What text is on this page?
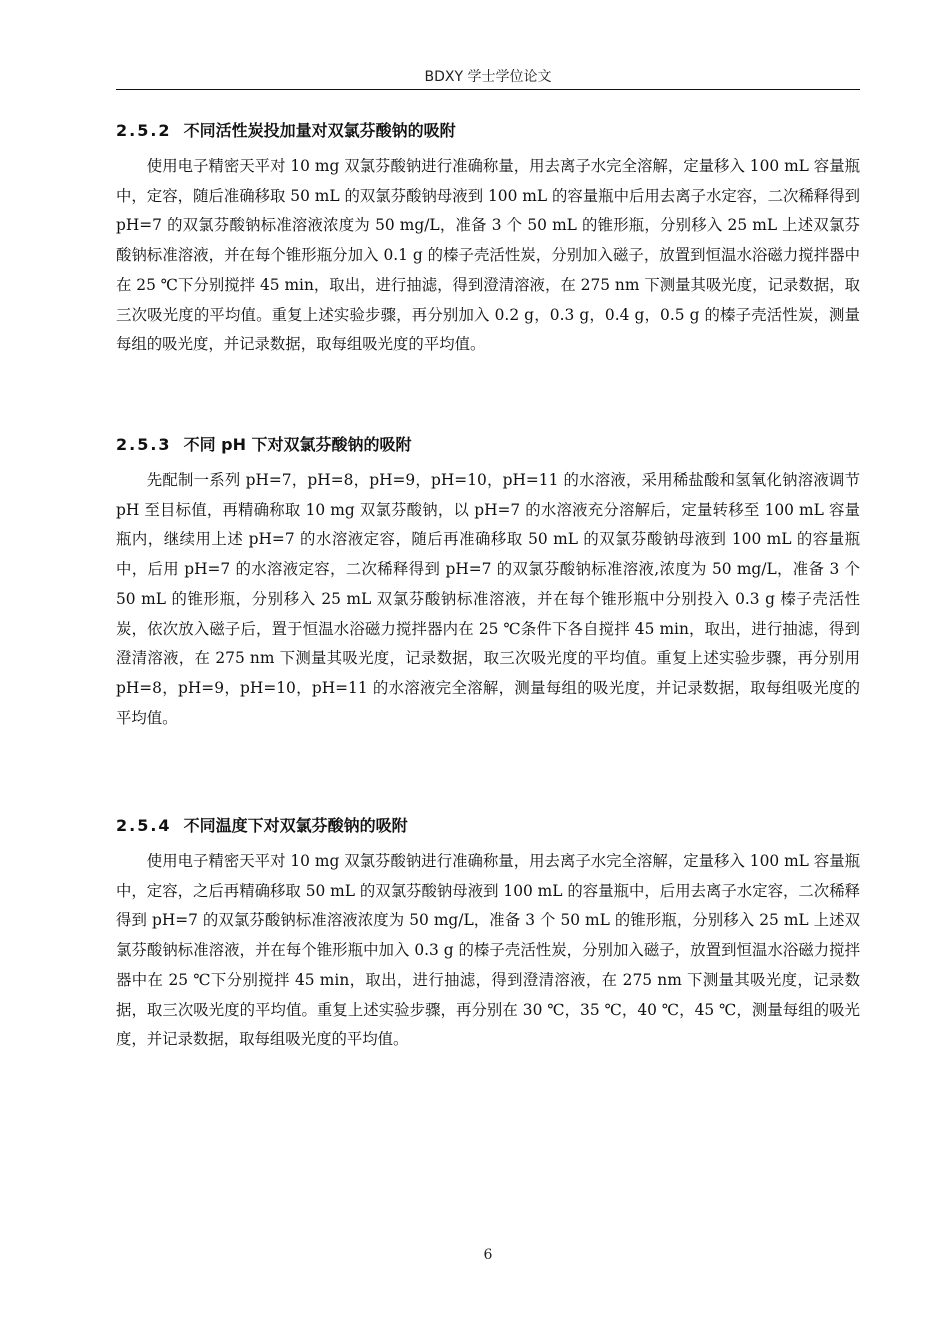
BDXY 学士学位论文
2.5.2 不同活性炭投加量对双氯芬酸钠的吸附

使用电子精密天平对 10 mg 双氯芬酸钠进行准确称量，用去离子水完全溶解，定量移入 100 mL 容量瓶中，定容，随后准确移取 50 mL 的双氯芬酸钠母液到 100 mL 的容量瓶中后用去离子水定容，二次稀释得到 pH=7 的双氯芬酸钠标准溶液浓度为 50 mg/L，准备 3 个 50 mL 的锥形瓶，分别移入 25 mL 上述双氯芬酸钠标准溶液，并在每个锥形瓶分加入 0.1 g 的榛子壳活性炭，分别加入磁子，放置到恒温水浴磁力搅拌器中在 25 ℃下分别搅拌 45 min，取出，进行抽滤，得到澄清溶液，在 275 nm 下测量其吸光度，记录数据，取三次吸光度的平均值。重复上述实验步骤，再分别加入 0.2 g，0.3 g，0.4 g，0.5 g 的榛子壳活性炭，测量每组的吸光度，并记录数据，取每组吸光度的平均值。

2.5.3 不同 pH 下对双氯芬酸钠的吸附

先配制一系列 pH=7，pH=8，pH=9，pH=10，pH=11 的水溶液，采用稀盐酸和氢氧化钠溶液调节 pH 至目标值，再精确称取 10 mg 双氯芬酸钠，以 pH=7 的水溶液充分溶解后，定量转移至 100 mL 容量瓶内，继续用上述 pH=7 的水溶液定容，随后再准确移取 50 mL 的双氯芬酸钠母液到 100 mL 的容量瓶中，后用 pH=7 的水溶液定容，二次稀释得到 pH=7 的双氯芬酸钠标准溶液,浓度为 50 mg/L，准备 3 个 50 mL 的锥形瓶，分别移入 25 mL 双氯芬酸钠标准溶液，并在每个锥形瓶中分别投入 0.3 g 榛子壳活性炭，依次放入磁子后，置于恒温水浴磁力搅拌器内在 25 ℃条件下各自搅拌 45 min，取出，进行抽滤，得到澄清溶液，在 275 nm 下测量其吸光度，记录数据，取三次吸光度的平均值。重复上述实验步骤，再分别用 pH=8，pH=9，pH=10，pH=11 的水溶液完全溶解，测量每组的吸光度，并记录数据，取每组吸光度的平均值。

2.5.4 不同温度下对双氯芬酸钠的吸附

使用电子精密天平对 10 mg 双氯芬酸钠进行准确称量，用去离子水完全溶解，定量移入 100 mL 容量瓶中，定容，之后再精确移取 50 mL 的双氯芬酸钠母液到 100 mL 的容量瓶中，后用去离子水定容，二次稀释得到 pH=7 的双氯芬酸钠标准溶液浓度为 50 mg/L，准备 3 个 50 mL 的锥形瓶，分别移入 25 mL 上述双氯芬酸钠标准溶液，并在每个锥形瓶中加入 0.3 g 的榛子壳活性炭，分别加入磁子，放置到恒温水浴磁力搅拌器中在 25 ℃下分别搅拌 45 min，取出，进行抽滤，得到澄清溶液，在 275 nm 下测量其吸光度，记录数据，取三次吸光度的平均值。重复上述实验步骤，再分别在 30 ℃，35 ℃，40 ℃，45 ℃，测量每组的吸光度，并记录数据，取每组吸光度的平均值。

6
